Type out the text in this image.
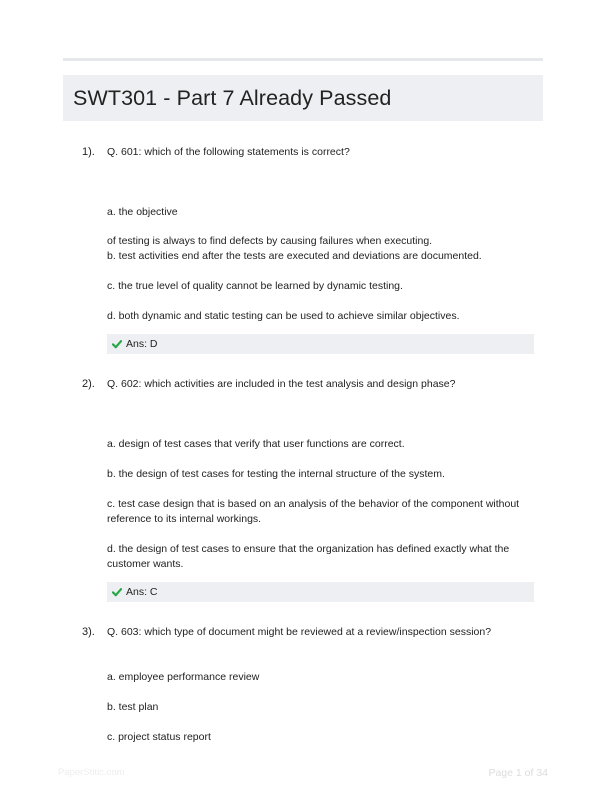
SWT301 - Part 7 Already Passed
1). Q. 601: which of the following statements is correct?

a. the objective

of testing is always to find defects by causing failures when executing.

b. test activities end after the tests are executed and deviations are documented.

c. the true level of quality cannot be learned by dynamic testing.

d. both dynamic and static testing can be used to achieve similar objectives.

Ans: D
2). Q. 602: which activities are included in the test analysis and design phase?

a. design of test cases that verify that user functions are correct.

b. the design of test cases for testing the internal structure of the system.

c. test case design that is based on an analysis of the behavior of the component without reference to its internal workings.

d. the design of test cases to ensure that the organization has defined exactly what the customer wants.

Ans: C
3). Q. 603: which type of document might be reviewed at a review/inspection session?

a. employee performance review

b. test plan

c. project status report

PaperStitic.com	Page 1 of 34
